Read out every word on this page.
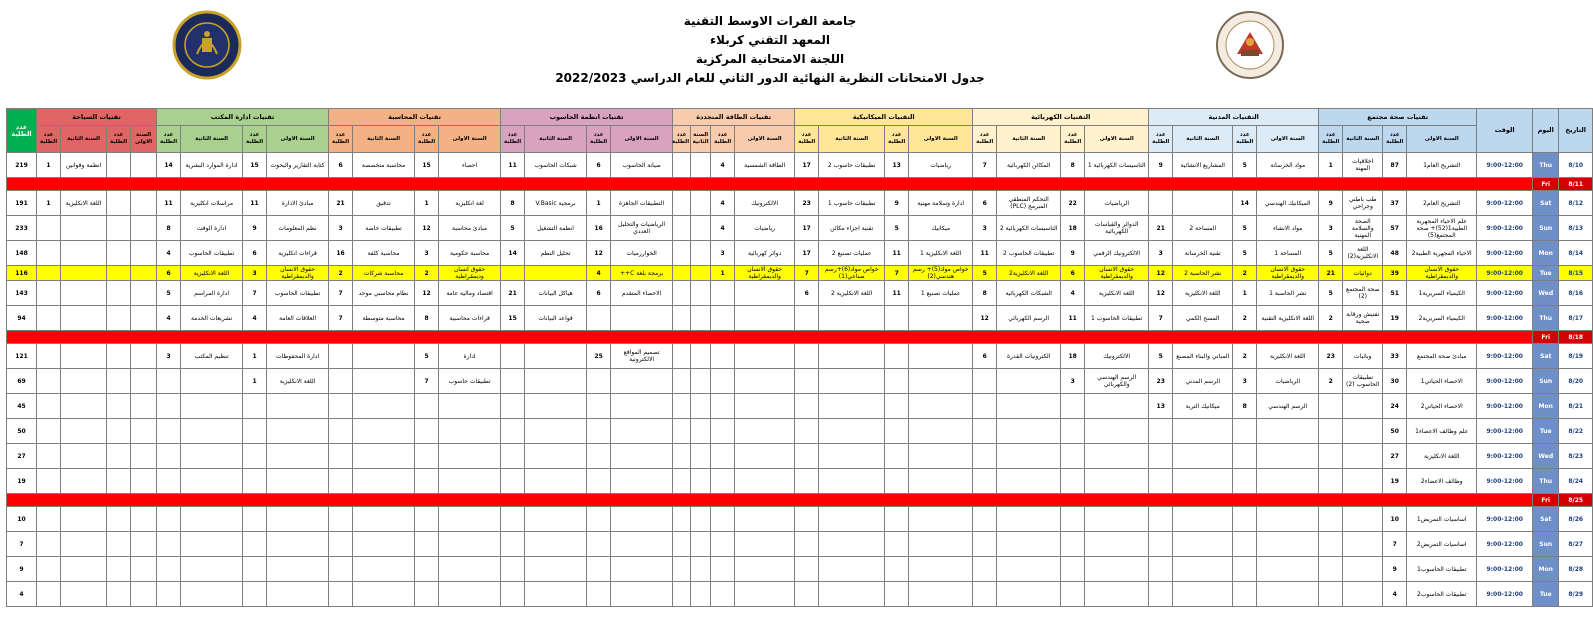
جامعة الفرات الاوسط التقنية
المعهد التقني كربلاء
اللجنة الامتحانية المركزية
جدول الامتحانات النظرية النهائية الدور الثاني للعام الدراسي 2022/2023
التاريخ	اليوم	الوقت	تقنيات صحة مجتمع				التقنيات المدنية				التقنيات الكهربائية				التقنيات الميكانيكية				تقنيات الطاقة المتجددة				تقنيات انظمة الحاسوب				تقنيات المحاسبة				تقنيات ادارة المكتب				تقنيات السياحة				عدد الطلبة
			السنة الاولى	عدد الطلبة	السنة الثانية	عدد الطلبة	السنة الاولى	عدد الطلبة	السنة الثانية	عدد الطلبة	السنة الاولى	عدد الطلبة	السنة الثانية	عدد الطلبة	السنة الاولى	عدد الطلبة	السنة الثانية	عدد الطلبة	السنة الاولى	عدد الطلبة	السنة الثانية	عدد الطلبة	السنة الاولى	عدد الطلبة	السنة الثانية	عدد الطلبة	السنة الاولى	عدد الطلبة	السنة الثانية	عدد الطلبة	السنة الاولى	عدد الطلبة	السنة الثانية	عدد الطلبة	السنة الاولى	عدد الطلبة	السنة الثانية	عدد الطلبة	
8/10	Thu	9:00-12:00	التشريح العام1	87	اخلاقيات المهنة	1	مواد الخرسانة	5	المشاريع الانشائية	9	التاسيسات الكهربائية 1	8	المكائن الكهربائية	7	رياضيات	13	تطبيقات حاسوب 2	17	الطاقة الشمسية	4			صيانة الحاسوب	6	شبكات الحاسوب	11	احصاء	15	محاسبة متخصصة	6	كتابة التقارير والبحوث	15	ادارة الموارد البشرية	14			انظمة وقوانين	1	219
8/11	Fri																																						
8/12	Sat	9:00-12:00	التشريح العام2	37	طب باطني وجراحي	9	الميكانيك الهندسي	14			الرياضيات	22	التحكم المنطقي المبرمج (PLC)	6	ادارة وسلامة مهنية	9	تطبيقات حاسوب 1	23	الالكترونيك	4			التطبيقات الجاهزة	1	برمجية V.Basic	8	لغة انكليزية	1	تدقيق	21	مبادئ الادارة	11	مراسلات انكليزية	11			اللغة الانكليزية	1	191
8/13	Sun	9:00-12:00	علم الاحياء المجهرية الطبية1(52)+ صحة المجتمع(5)	57	الصحة والسلامة المهنية	3	مواد الانشاء	5	المساحة 2	21	الدوائر والقياسات الكهربائية	18	التاسيسات الكهربائية 2	3	ميكانيك	5	تقنية اجزاء مكائن	17	رياضيات	4			الرياضيات والتحليل العددي	16	انظمة التشغيل	5	مبادئ محاسبة	12	تطبيقات خاصة	3	نظم المعلومات	9	ادارة الوقت	8					233
8/14	Mon	9:00-12:00	الاحياء المجهرية الطبية2	48	اللغة الانكليزية(2)	5	المساحة 1	5	تقنية الخرسانة	3	الالكترونيك الرقمي	9	تطبيقات الحاسوب 2	11	اللغة الانكليزية 1	11	عمليات تصنيع 2	17	دوائر كهربائية	3			الخوارزميات	12	تحليل النظم	14	محاسبة حكومية	3	محاسبة كلفة	16	قراءات انكليزية	6	تطبيقات الحاسوب	4					148
8/15	Tue	9:00-12:00	حقوق الانسان والديمقراطية	39	دوائيات	21	حقوق الانسان والديمقراطية	2	نشر الحاسبة 2	12	حقوق الانسان والديمقراطية	6	اللغة الانكليزية2	5	خواص مواد(5)+ رسم هندسي(2)	7	خواص مواد(6)+رسم صناعي(1)	7	حقوق الانسان والديمقراطية	1			برمجة بلغة C++	4			حقوق انسان وديمقراطية	2	محاسبة شركات	2	حقوق الانسان والديمقراطية	3	اللغة الانكليزية	6					116
8/16	Wed	9:00-12:00	الكيمياء السريرية1	51	صحة المجتمع (2)	5	نشر الحاسبة 1	1	اللغة الانكليزية	12	اللغة الانكليزية	4	الشبكات الكهربائية	8	عمليات تصنيع 1	11	اللغة الانكليزية 2	6					الاحصاء المتقدم	6	هياكل البيانات	21	اقتصاد ومالية عامة	12	نظام محاسبي موحد	7	تطبيقات الحاسوب	7	ادارة المراسم	5					143
8/17	Thu	9:00-12:00	الكيمياء السريرية2	19	تفتيش ورقابة صحية	2	اللغة الانكليزية التقنية	2	المسح الكمي	7	تطبيقات الحاسوب 1	11	الرسم الكهربائي	12											قواعد البيانات	15	قراءات محاسبية	8	محاسبة متوسطة	7	العلاقات العامة	4	تشريعات الخدمة	4					94
8/18	Fri																																						
8/19	Sat	9:00-12:00	مبادئ صحة المجتمع	33	وبائيات	23	اللغة الانكليزية	2	المباني والبناء المصنع	5	الالكترونيك	18	الكترونيات القدرة	6									تصميم المواقع الالكترونية	25			ادارة	5			ادارة المحفوظات	1	تنظيم المكتب	3					121
8/20	Sun	9:00-12:00	الاحصاء الحياتي1	30	تطبيقات الحاسوب (2)	2	الرياضيات	3	الرسم المدني	23	الرسم الهندسي والكهربائي	3															تطبيقات حاسوب	7			اللغة الانكليزية	1							69
8/21	Mon	9:00-12:00	الاحصاء الحياتي2	24			الرسم الهندسي	8	ميكانيك التربة	13																													45
8/22	Tue	9:00-12:00	علم وظائف الاعضاء1	50																																			50
8/23	Wed	9:00-12:00	اللغة الانكليزية	27																																			27
8/24	Thu	9:00-12:00	وظائف الاعضاء2	19																																			19
8/25	Fri																																						
8/26	Sat	9:00-12:00	اساسيات التمريض1	10																																			10
8/27	Sun	9:00-12:00	اساسيات التمريض2	7																																			7
8/28	Mon	9:00-12:00	تطبيقات الحاسوب1	9																																			9
8/29	Tue	9:00-12:00	تطبيقات الحاسوب2	4																																			4
